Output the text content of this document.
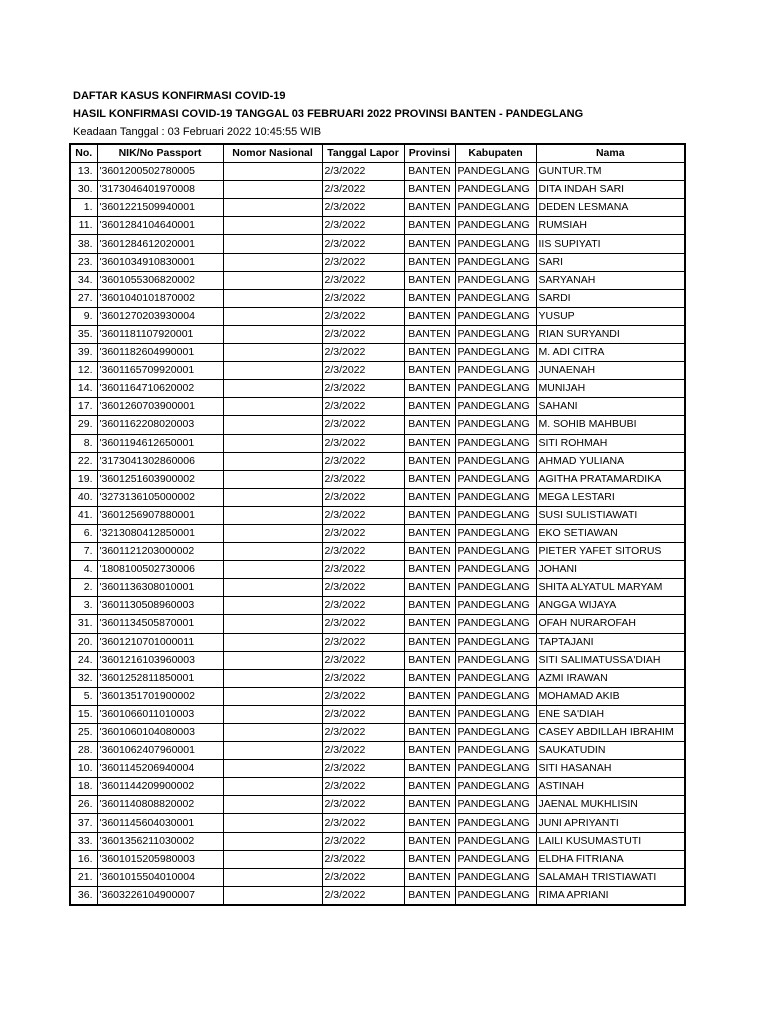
DAFTAR KASUS KONFIRMASI COVID-19
HASIL KONFIRMASI COVID-19 TANGGAL 03 FEBRUARI 2022 PROVINSI BANTEN - PANDEGLANG
Keadaan Tanggal : 03 Februari 2022 10:45:55 WIB
No.	NIK/No Passport	Nomor Nasional	Tanggal Lapor	Provinsi	Kabupaten	Nama
13.	'3601200502780005		2/3/2022	BANTEN	PANDEGLANG	GUNTUR.TM
30.	'3173046401970008		2/3/2022	BANTEN	PANDEGLANG	DITA INDAH SARI
1.	'3601221509940001		2/3/2022	BANTEN	PANDEGLANG	DEDEN LESMANA
11.	'3601284104640001		2/3/2022	BANTEN	PANDEGLANG	RUMSIAH
38.	'3601284612020001		2/3/2022	BANTEN	PANDEGLANG	IIS SUPIYATI
23.	'3601034910830001		2/3/2022	BANTEN	PANDEGLANG	SARI
34.	'3601055306820002		2/3/2022	BANTEN	PANDEGLANG	SARYANAH
27.	'3601040101870002		2/3/2022	BANTEN	PANDEGLANG	SARDI
9.	'3601270203930004		2/3/2022	BANTEN	PANDEGLANG	YUSUP
35.	'3601181107920001		2/3/2022	BANTEN	PANDEGLANG	RIAN SURYANDI
39.	'3601182604990001		2/3/2022	BANTEN	PANDEGLANG	M. ADI CITRA
12.	'3601165709920001		2/3/2022	BANTEN	PANDEGLANG	JUNAENAH
14.	'3601164710620002		2/3/2022	BANTEN	PANDEGLANG	MUNIJAH
17.	'3601260703900001		2/3/2022	BANTEN	PANDEGLANG	SAHANI
29.	'3601162208020003		2/3/2022	BANTEN	PANDEGLANG	M. SOHIB MAHBUBI
8.	'3601194612650001		2/3/2022	BANTEN	PANDEGLANG	SITI ROHMAH
22.	'3173041302860006		2/3/2022	BANTEN	PANDEGLANG	AHMAD YULIANA
19.	'3601251603900002		2/3/2022	BANTEN	PANDEGLANG	AGITHA PRATAMARDIKA
40.	'3273136105000002		2/3/2022	BANTEN	PANDEGLANG	MEGA LESTARI
41.	'3601256907880001		2/3/2022	BANTEN	PANDEGLANG	SUSI SULISTIAWATI
6.	'3213080412850001		2/3/2022	BANTEN	PANDEGLANG	EKO SETIAWAN
7.	'3601121203000002		2/3/2022	BANTEN	PANDEGLANG	PIETER YAFET SITORUS
4.	'1808100502730006		2/3/2022	BANTEN	PANDEGLANG	JOHANI
2.	'3601136308010001		2/3/2022	BANTEN	PANDEGLANG	SHITA ALYATUL MARYAM
3.	'3601130508960003		2/3/2022	BANTEN	PANDEGLANG	ANGGA WIJAYA
31.	'3601134505870001		2/3/2022	BANTEN	PANDEGLANG	OFAH NURAROFAH
20.	'3601210701000011		2/3/2022	BANTEN	PANDEGLANG	TAPTAJANI
24.	'3601216103960003		2/3/2022	BANTEN	PANDEGLANG	SITI SALIMATUSSA'DIAH
32.	'3601252811850001		2/3/2022	BANTEN	PANDEGLANG	AZMI IRAWAN
5.	'3601351701900002		2/3/2022	BANTEN	PANDEGLANG	MOHAMAD AKIB
15.	'3601066011010003		2/3/2022	BANTEN	PANDEGLANG	ENE SA'DIAH
25.	'3601060104080003		2/3/2022	BANTEN	PANDEGLANG	CASEY ABDILLAH IBRAHIM
28.	'3601062407960001		2/3/2022	BANTEN	PANDEGLANG	SAUKATUDIN
10.	'3601145206940004		2/3/2022	BANTEN	PANDEGLANG	SITI HASANAH
18.	'3601144209900002		2/3/2022	BANTEN	PANDEGLANG	ASTINAH
26.	'3601140808820002		2/3/2022	BANTEN	PANDEGLANG	JAENAL MUKHLISIN
37.	'3601145604030001		2/3/2022	BANTEN	PANDEGLANG	JUNI APRIYANTI
33.	'3601356211030002		2/3/2022	BANTEN	PANDEGLANG	LAILI KUSUMASTUTI
16.	'3601015205980003		2/3/2022	BANTEN	PANDEGLANG	ELDHA FITRIANA
21.	'3601015504010004		2/3/2022	BANTEN	PANDEGLANG	SALAMAH TRISTIAWATI
36.	'3603226104900007		2/3/2022	BANTEN	PANDEGLANG	RIMA APRIANI
